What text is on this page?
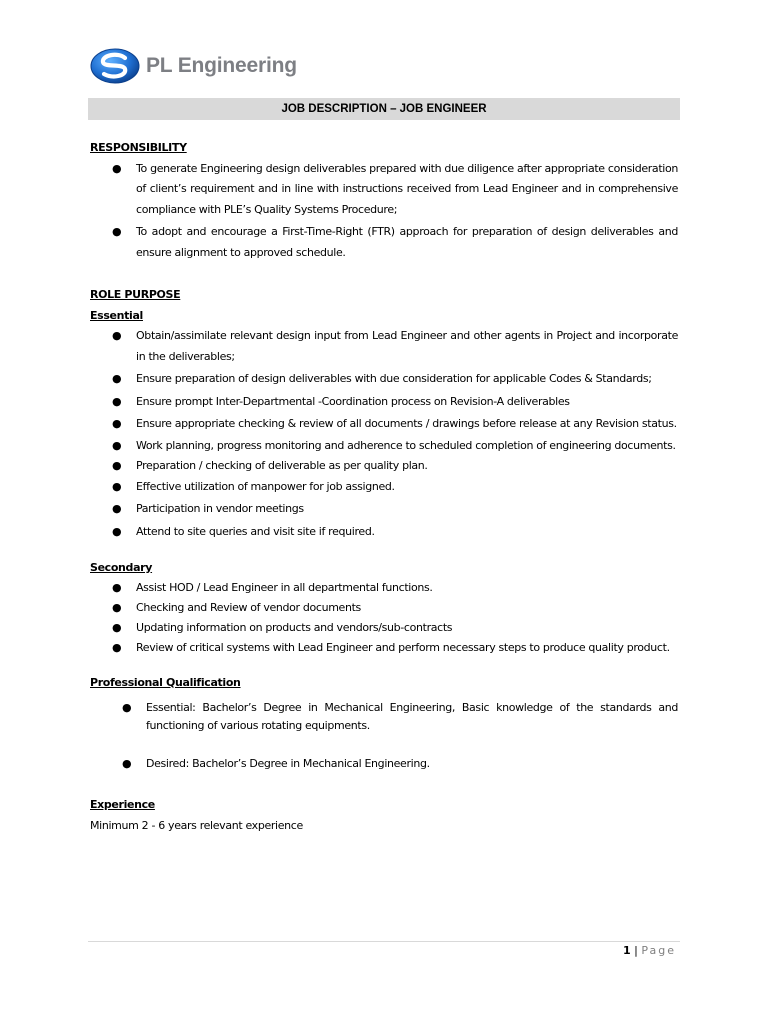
PL Engineering
JOB DESCRIPTION – JOB ENGINEER
RESPONSIBILITY
● To generate Engineering design deliverables prepared with due diligence after appropriate consideration of client’s requirement and in line with instructions received from Lead Engineer and in comprehensive compliance with PLE’s Quality Systems Procedure;
● To adopt and encourage a First-Time-Right (FTR) approach for preparation of design deliverables and ensure alignment to approved schedule.
ROLE PURPOSE
Essential
● Obtain/assimilate relevant design input from Lead Engineer and other agents in Project and incorporate in the deliverables;
● Ensure preparation of design deliverables with due consideration for applicable Codes & Standards;
● Ensure prompt Inter-Departmental -Coordination process on Revision-A deliverables
● Ensure appropriate checking & review of all documents / drawings before release at any Revision status.
● Work planning, progress monitoring and adherence to scheduled completion of engineering documents.
● Preparation / checking of deliverable as per quality plan.
● Effective utilization of manpower for job assigned.
● Participation in vendor meetings
● Attend to site queries and visit site if required.
Secondary
● Assist HOD / Lead Engineer in all departmental functions.
● Checking and Review of vendor documents
● Updating information on products and vendors/sub-contracts
● Review of critical systems with Lead Engineer and perform necessary steps to produce quality product.
Professional Qualification
● Essential: Bachelor’s Degree in Mechanical Engineering, Basic knowledge of the standards and functioning of various rotating equipments.
● Desired: Bachelor’s Degree in Mechanical Engineering.
Experience
Minimum 2 - 6 years relevant experience
1 | Page
